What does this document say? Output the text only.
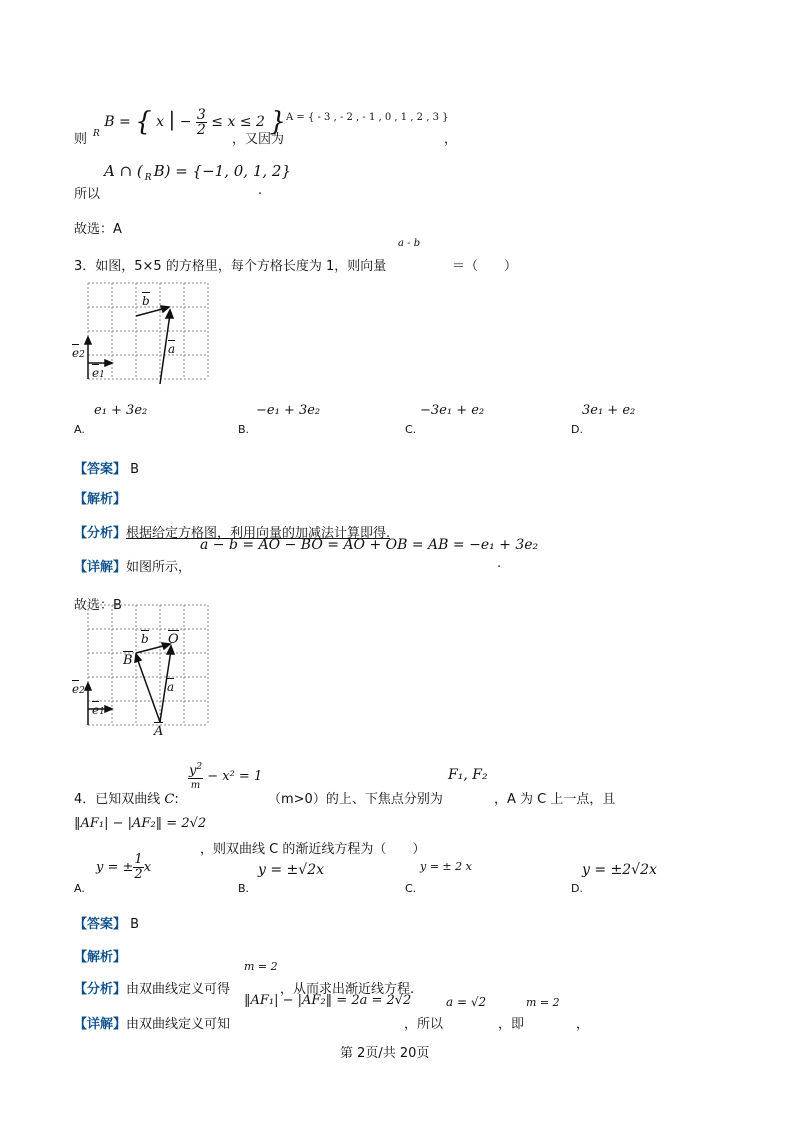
则 $_R$ B = { x | − $\frac{3}{2} \le x \le 2$ }
，又因为
A = { - 3 , - 2 , - 1 , 0 , 1 , 2 , 3 }
，
所以
A ∩ ( $_R$ B) = {−1, 0, 1, 2}
.
故选：A
3．如图，5×5 的方格里，每个方格长度为 1，则向量
a - b
＝（　　）
b
a
e2
e1
e₁ + 3e₂	−e₁ + 3e₂	−3e₁ + e₂	3e₁ + e₂
A.	B.	C.	D.
【答案】 B
【解析】
【分析】根据给定方格图，利用向量的加减法计算即得.
【详解】如图所示，
a − b = AO − BO = AO + OB = AB = −e₁ + 3e₂
.
故选：B
b O
B
a
A
e2
e1
$\frac{y^2}{m} - x^2 = 1$	F₁, F₂
4．已知双曲线 C:	（m>0）的上、下焦点分别为	，A 为 C 上一点，且
‖AF₁| − |AF₂‖ = 2√2
，则双曲线 C 的渐近线方程为（　　）
y = ± $\frac{1}{2}$ x	y = ±√2x	y = ± 2 x	y = ±2√2x
A.	B.	C.	D.
【答案】 B
【解析】
m = 2
【分析】由双曲线定义可得	，从而求出渐近线方程.
‖AF₁| − |AF₂‖ = 2a = 2√2	a = √2	m = 2
【详解】由双曲线定义可知	，所以	，即	，
第 2页/共 20页
